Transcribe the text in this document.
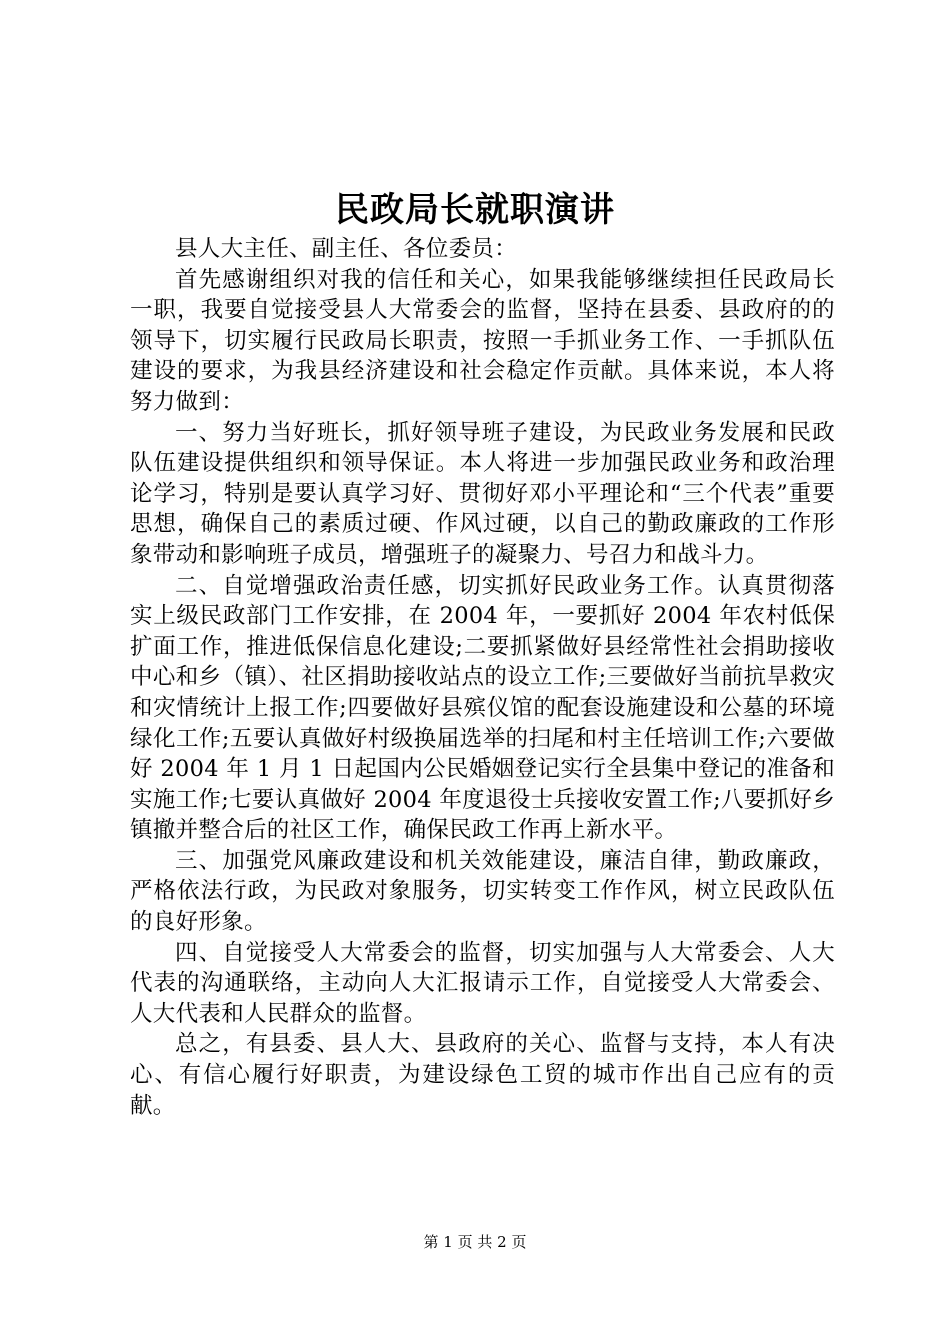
民政局长就职演讲

县人大主任、副主任、各位委员：

首先感谢组织对我的信任和关心，如果我能够继续担任民政局长一职，我要自觉接受县人大常委会的监督，坚持在县委、县政府的的领导下，切实履行民政局长职责，按照一手抓业务工作、一手抓队伍建设的要求，为我县经济建设和社会稳定作贡献。具体来说，本人将努力做到：

一、努力当好班长，抓好领导班子建设，为民政业务发展和民政队伍建设提供组织和领导保证。本人将进一步加强民政业务和政治理论学习，特别是要认真学习好、贯彻好邓小平理论和“三个代表”重要思想，确保自己的素质过硬、作风过硬，以自己的勤政廉政的工作形象带动和影响班子成员，增强班子的凝聚力、号召力和战斗力。

二、自觉增强政治责任感，切实抓好民政业务工作。认真贯彻落实上级民政部门工作安排，在 2004 年，一要抓好 2004 年农村低保扩面工作，推进低保信息化建设;二要抓紧做好县经常性社会捐助接收中心和乡（镇）、社区捐助接收站点的设立工作;三要做好当前抗旱救灾和灾情统计上报工作;四要做好县殡仪馆的配套设施建设和公墓的环境绿化工作;五要认真做好村级换届选举的扫尾和村主任培训工作;六要做好 2004 年 1 月 1 日起国内公民婚姻登记实行全县集中登记的准备和实施工作;七要认真做好 2004 年度退役士兵接收安置工作;八要抓好乡镇撤并整合后的社区工作，确保民政工作再上新水平。

三、加强党风廉政建设和机关效能建设，廉洁自律，勤政廉政，严格依法行政，为民政对象服务，切实转变工作作风，树立民政队伍的良好形象。

四、自觉接受人大常委会的监督，切实加强与人大常委会、人大代表的沟通联络，主动向人大汇报请示工作，自觉接受人大常委会、人大代表和人民群众的监督。

总之，有县委、县人大、县政府的关心、监督与支持，本人有决心、有信心履行好职责，为建设绿色工贸的城市作出自己应有的贡献。

第 1 页 共 2 页
